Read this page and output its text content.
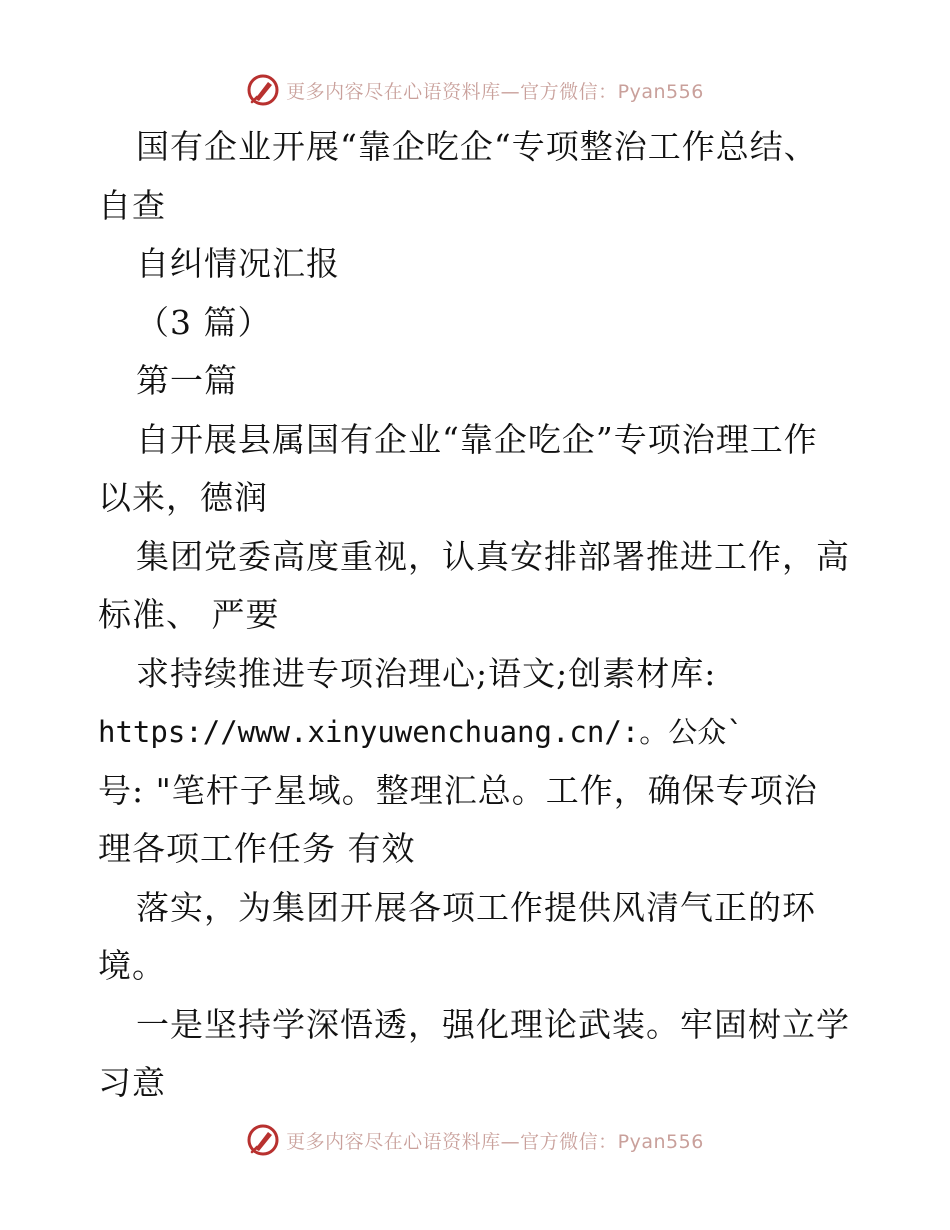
更多内容尽在心语资料库—官方微信：Pyan556
国有企业开展“靠企吃企“专项整治工作总结、
自查
自纠情况汇报
（3 篇）
第一篇
自开展县属国有企业“靠企吃企”专项治理工作
以来，德润
集团党委高度重视，认真安排部署推进工作，高
标准、 严要
求持续推进专项治理心;语文;创素材库:
https://www.xinyuwenchuang.cn/:。公众`
号: "笔杆子星域。整理汇总。工作，确保专项治
理各项工作任务 有效
落实，为集团开展各项工作提供风清气正的环
境。
一是坚持学深悟透，强化理论武装。牢固树立学
习意
更多内容尽在心语资料库—官方微信：Pyan556
